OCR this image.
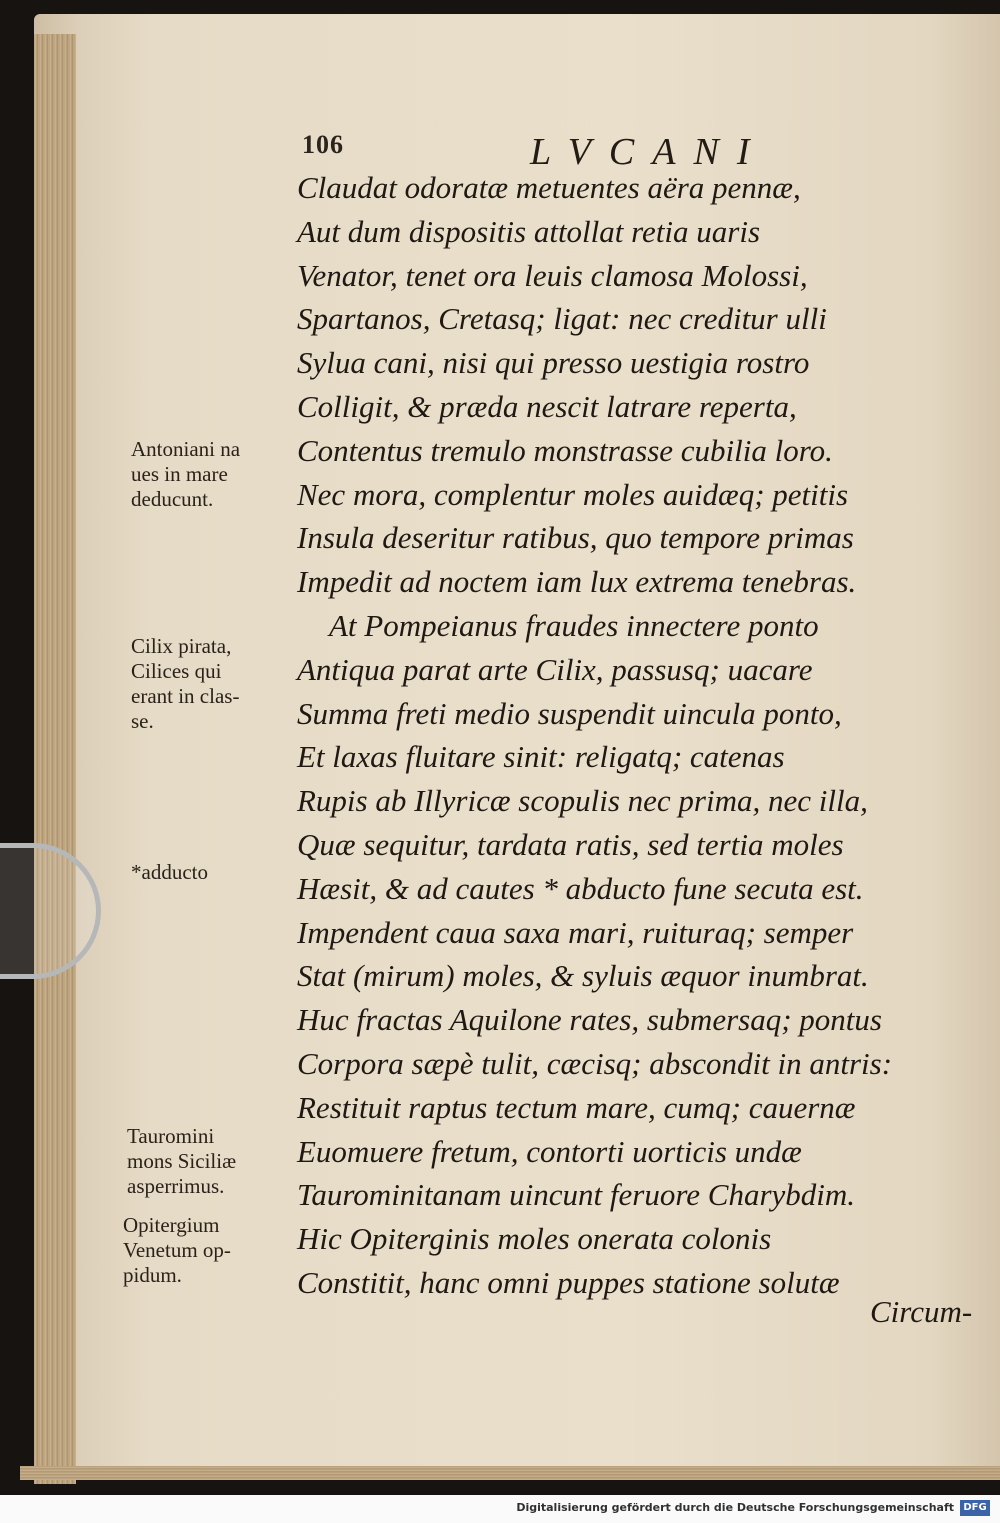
106	LVCANI
Claudat odoratæ metuentes aëra pennæ,
Aut dum dispositis attollat retia uaris
Venator, tenet ora leuis clamosa Molossi,
Spartanos, Cretasq; ligat: nec creditur ulli
Sylua cani, nisi qui presso uestigia rostro
Colligit, & præda nescit latrare reperta,
Contentus tremulo monstrasse cubilia loro.
Nec mora, complentur moles auidæq; petitis
Insula deseritur ratibus, quo tempore primas
Impedit ad noctem iam lux extrema tenebras.
At Pompeianus fraudes innectere ponto
Antiqua parat arte Cilix, passusq; uacare
Summa freti medio suspendit uincula ponto,
Et laxas fluitare sinit: religatq; catenas
Rupis ab Illyricæ scopulis nec prima, nec illa,
Quæ sequitur, tardata ratis, sed tertia moles
Hæsit, & ad cautes * abducto fune secuta est.
Impendent caua saxa mari, ruituraq; semper
Stat (mirum) moles, & syluis æquor inumbrat.
Huc fractas Aquilone rates, submersaq; pontus
Corpora sæpè tulit, cæcisq; abscondit in antris:
Restituit raptus tectum mare, cumq; cauernæ
Euomuere fretum, contorti uorticis undæ
Taurominitanam uincunt feruore Charybdim.
Hic Opiterginis moles onerata colonis
Constitit, hanc omni puppes statione solutæ
Antoniani na
ues in mare
deducunt.
Cilix pirata,
Cilices qui
erant in clas-
se.
*adducto
Tauromini
mons Siciliæ
asperrimus.
Opitergium
Venetum op-
pidum.
Circum-
Digitalisierung gefördert durch die Deutsche Forschungsgemeinschaft DFG
